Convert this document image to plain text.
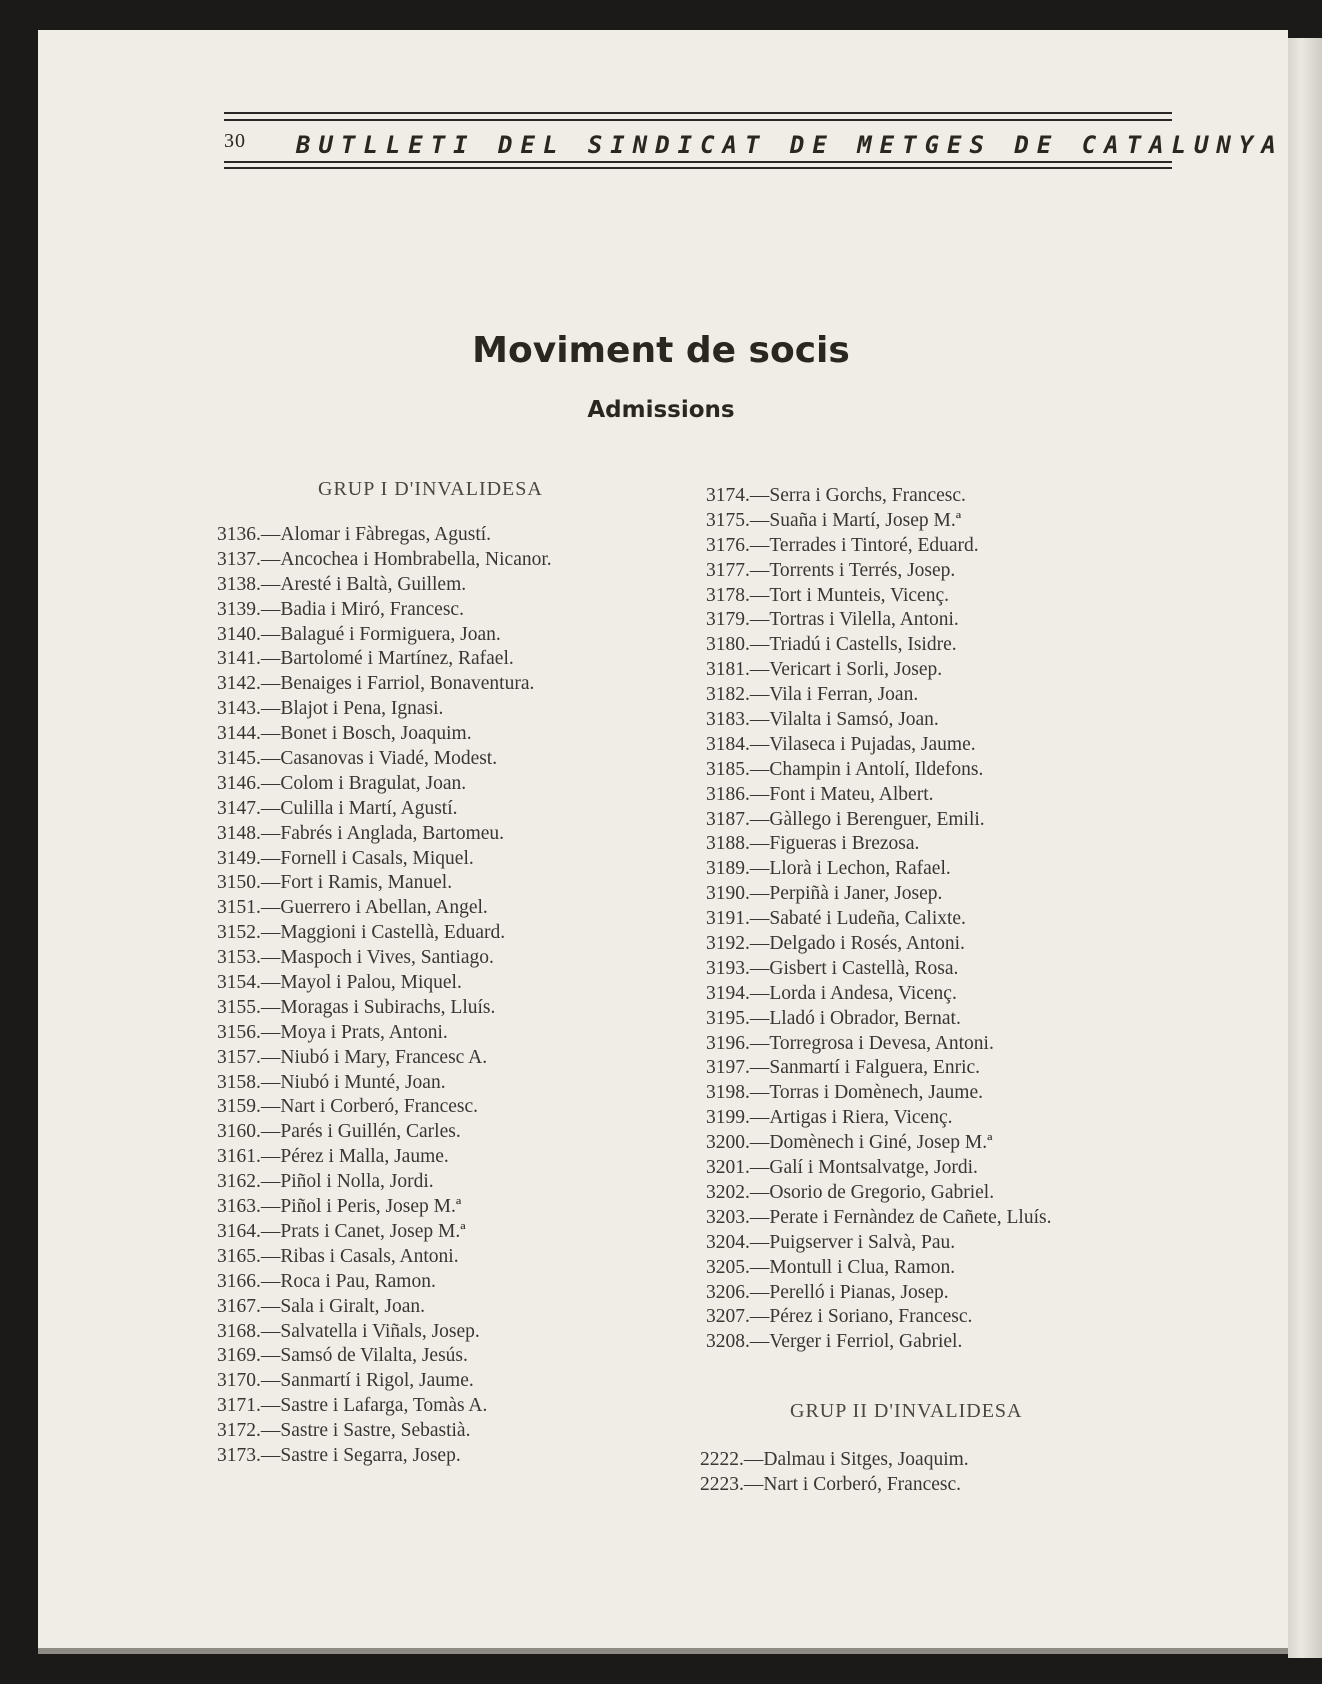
30 BUTLLETI DEL SINDICAT DE METGES DE CATALUNYA
Moviment de socis
Admissions
GRUP I D'INVALIDESA
3136.—Alomar i Fàbregas, Agustí.
3137.—Ancochea i Hombrabella, Nicanor.
3138.—Aresté i Baltà, Guillem.
3139.—Badia i Miró, Francesc.
3140.—Balagué i Formiguera, Joan.
3141.—Bartolomé i Martínez, Rafael.
3142.—Benaiges i Farriol, Bonaventura.
3143.—Blajot i Pena, Ignasi.
3144.—Bonet i Bosch, Joaquim.
3145.—Casanovas i Viadé, Modest.
3146.—Colom i Bragulat, Joan.
3147.—Culilla i Martí, Agustí.
3148.—Fabrés i Anglada, Bartomeu.
3149.—Fornell i Casals, Miquel.
3150.—Fort i Ramis, Manuel.
3151.—Guerrero i Abellan, Angel.
3152.—Maggioni i Castellà, Eduard.
3153.—Maspoch i Vives, Santiago.
3154.—Mayol i Palou, Miquel.
3155.—Moragas i Subirachs, Lluís.
3156.—Moya i Prats, Antoni.
3157.—Niubó i Mary, Francesc A.
3158.—Niubó i Munté, Joan.
3159.—Nart i Corberó, Francesc.
3160.—Parés i Guillén, Carles.
3161.—Pérez i Malla, Jaume.
3162.—Piñol i Nolla, Jordi.
3163.—Piñol i Peris, Josep M.ª
3164.—Prats i Canet, Josep M.ª
3165.—Ribas i Casals, Antoni.
3166.—Roca i Pau, Ramon.
3167.—Sala i Giralt, Joan.
3168.—Salvatella i Viñals, Josep.
3169.—Samsó de Vilalta, Jesús.
3170.—Sanmartí i Rigol, Jaume.
3171.—Sastre i Lafarga, Tomàs A.
3172.—Sastre i Sastre, Sebastià.
3173.—Sastre i Segarra, Josep.
3174.—Serra i Gorchs, Francesc.
3175.—Suaña i Martí, Josep M.ª
3176.—Terrades i Tintoré, Eduard.
3177.—Torrents i Terrés, Josep.
3178.—Tort i Munteis, Vicenç.
3179.—Tortras i Vilella, Antoni.
3180.—Triadú i Castells, Isidre.
3181.—Vericart i Sorli, Josep.
3182.—Vila i Ferran, Joan.
3183.—Vilalta i Samsó, Joan.
3184.—Vilaseca i Pujadas, Jaume.
3185.—Champin i Antolí, Ildefons.
3186.—Font i Mateu, Albert.
3187.—Gàllego i Berenguer, Emili.
3188.—Figueras i Brezosa.
3189.—Llorà i Lechon, Rafael.
3190.—Perpiñà i Janer, Josep.
3191.—Sabaté i Ludeña, Calixte.
3192.—Delgado i Rosés, Antoni.
3193.—Gisbert i Castellà, Rosa.
3194.—Lorda i Andesa, Vicenç.
3195.—Lladó i Obrador, Bernat.
3196.—Torregrosa i Devesa, Antoni.
3197.—Sanmartí i Falguera, Enric.
3198.—Torras i Domènech, Jaume.
3199.—Artigas i Riera, Vicenç.
3200.—Domènech i Giné, Josep M.ª
3201.—Galí i Montsalvatge, Jordi.
3202.—Osorio de Gregorio, Gabriel.
3203.—Perate i Fernàndez de Cañete, Lluís.
3204.—Puigserver i Salvà, Pau.
3205.—Montull i Clua, Ramon.
3206.—Perelló i Pianas, Josep.
3207.—Pérez i Soriano, Francesc.
3208.—Verger i Ferriol, Gabriel.
GRUP II D'INVALIDESA
2222.—Dalmau i Sitges, Joaquim.
2223.—Nart i Corberó, Francesc.
